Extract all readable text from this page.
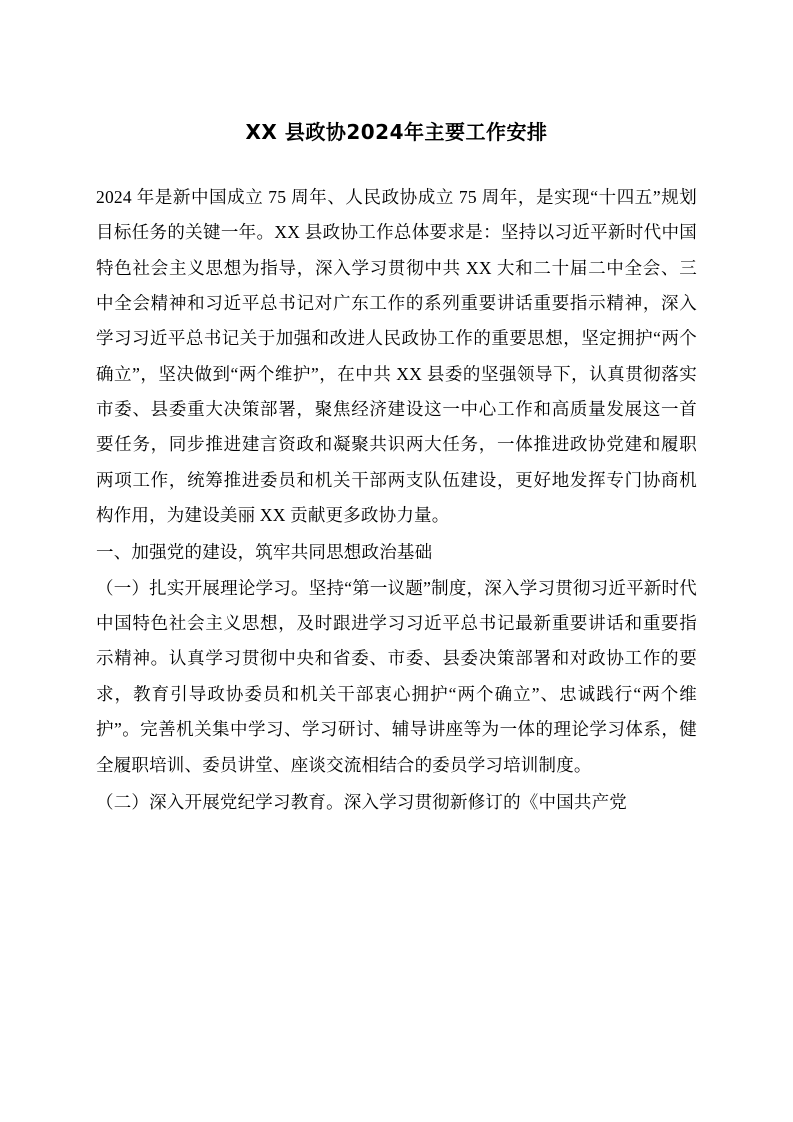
XX 县政协2024年主要工作安排

2024 年是新中国成立 75 周年、人民政协成立 75 周年，是实现“十四五”规划目标任务的关键一年。XX 县政协工作总体要求是：坚持以习近平新时代中国特色社会主义思想为指导，深入学习贯彻中共 XX 大和二十届二中全会、三中全会精神和习近平总书记对广东工作的系列重要讲话重要指示精神，深入学习习近平总书记关于加强和改进人民政协工作的重要思想，坚定拥护“两个确立”，坚决做到“两个维护”，在中共 XX 县委的坚强领导下，认真贯彻落实市委、县委重大决策部署，聚焦经济建设这一中心工作和高质量发展这一首要任务，同步推进建言资政和凝聚共识两大任务，一体推进政协党建和履职两项工作，统筹推进委员和机关干部两支队伍建设，更好地发挥专门协商机构作用，为建设美丽 XX 贡献更多政协力量。

一、加强党的建设，筑牢共同思想政治基础

（一）扎实开展理论学习。坚持“第一议题”制度，深入学习贯彻习近平新时代中国特色社会主义思想，及时跟进学习习近平总书记最新重要讲话和重要指示精神。认真学习贯彻中央和省委、市委、县委决策部署和对政协工作的要求，教育引导政协委员和机关干部衷心拥护“两个确立”、忠诚践行“两个维护”。完善机关集中学习、学习研讨、辅导讲座等为一体的理论学习体系，健全履职培训、委员讲堂、座谈交流相结合的委员学习培训制度。

（二）深入开展党纪学习教育。深入学习贯彻新修订的《中国共产党
